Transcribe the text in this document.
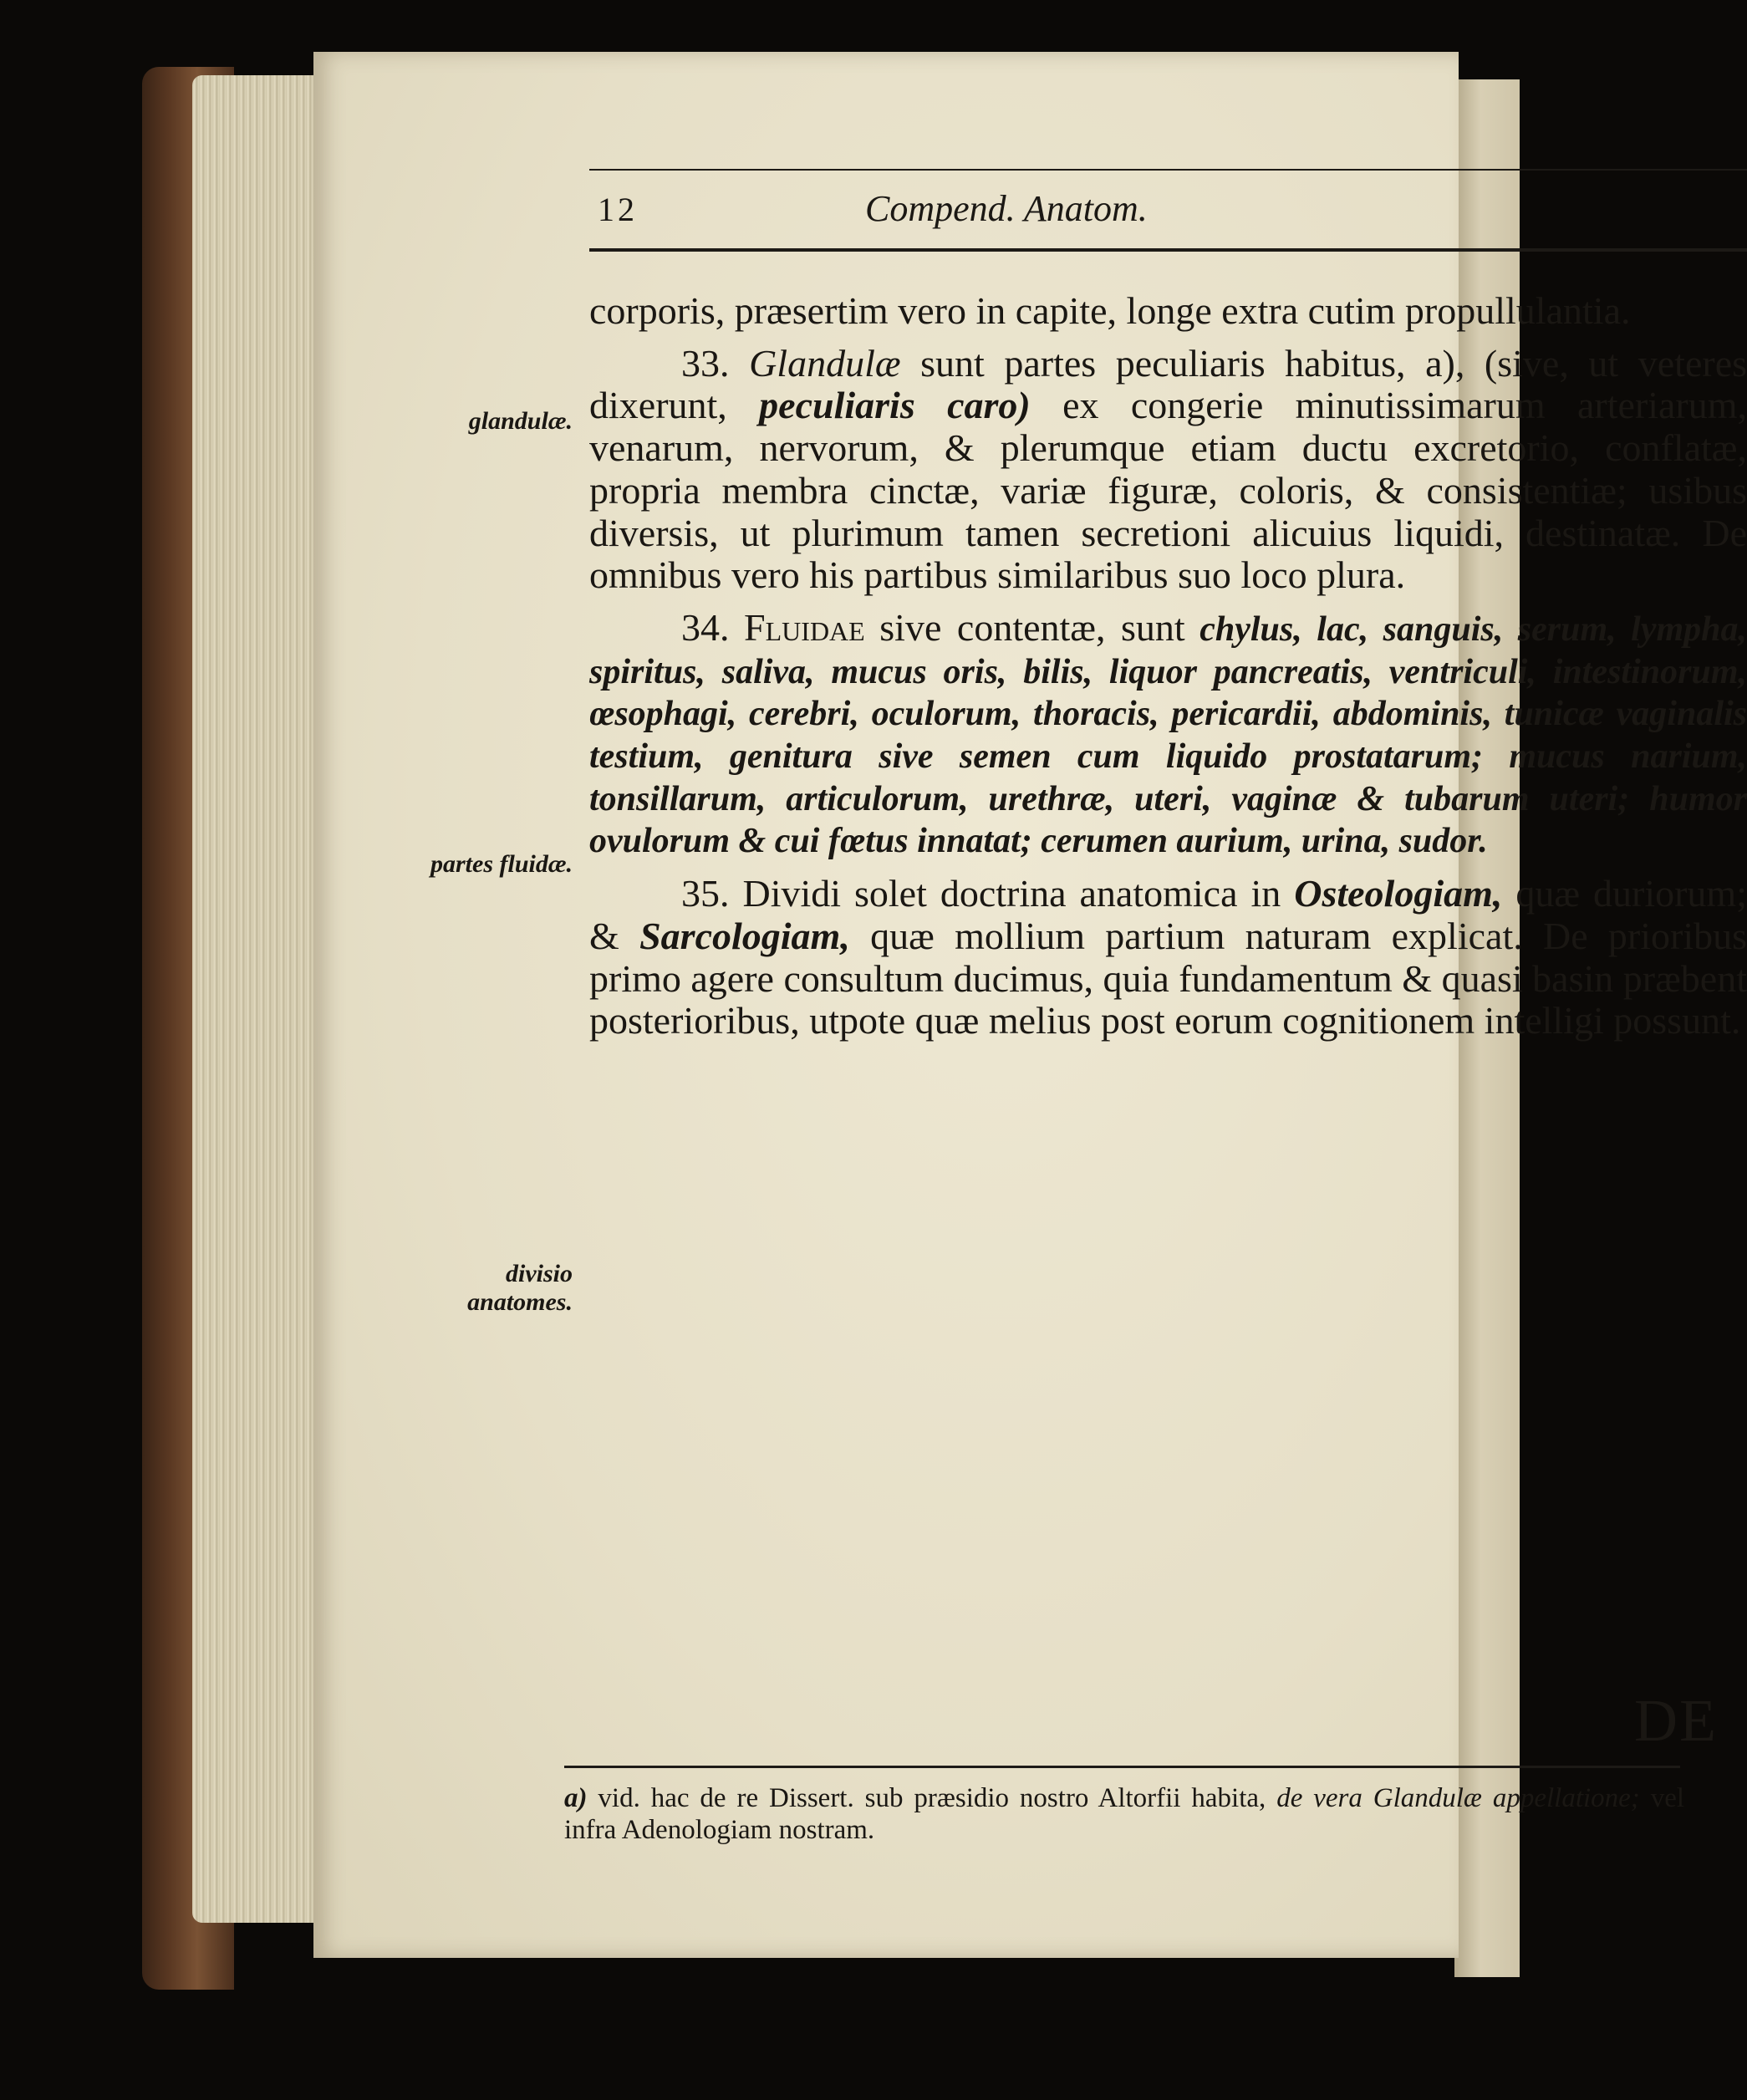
12	Compend. Anatom.

corporis, præsertim vero in capite, longe extra cutim propullulantia.

33. Glandulæ sunt partes peculiaris habitus, a), (sive, ut veteres dixerunt, peculiaris caro) ex congerie minutissimarum arteriarum, venarum, nervorum, & plerumque etiam ductu excretorio, conflatæ, propria membra cinctæ, variæ figuræ, coloris, & consistentiæ; usibus diversis, ut plurimum tamen secretioni alicuius liquidi, destinatæ. De omnibus vero his partibus similaribus suo loco plura.

34. Fluidae sive contentæ, sunt chylus, lac, sanguis, serum, lympha, spiritus, saliva, mucus oris, bilis, liquor pancreatis, ventriculi, intestinorum, œsophagi, cerebri, oculorum, thoracis, pericardii, abdominis, tunicæ vaginalis testium, genitura sive semen cum liquido prostatarum; mucus narium, tonsillarum, articulorum, urethræ, uteri, vaginæ & tubarum uteri; humor ovulorum & cui fœtus innatat; cerumen aurium, urina, sudor.

35. Dividi solet doctrina anatomica in Osteologiam, quæ duriorum; & Sarcologiam, quæ mollium partium naturam explicat. De prioribus primo agere consultum ducimus, quia fundamentum & quasi basin præbent posterioribus, utpote quæ melius post eorum cognitionem intelligi possunt.

glandulæ.
partes fluidæ.
divisio anatomes.
DE
a) vid. hac de re Dissert. sub præsidio nostro Altorfii habita, de vera Glandulæ appellatione; vel infra Adenologiam nostram.
